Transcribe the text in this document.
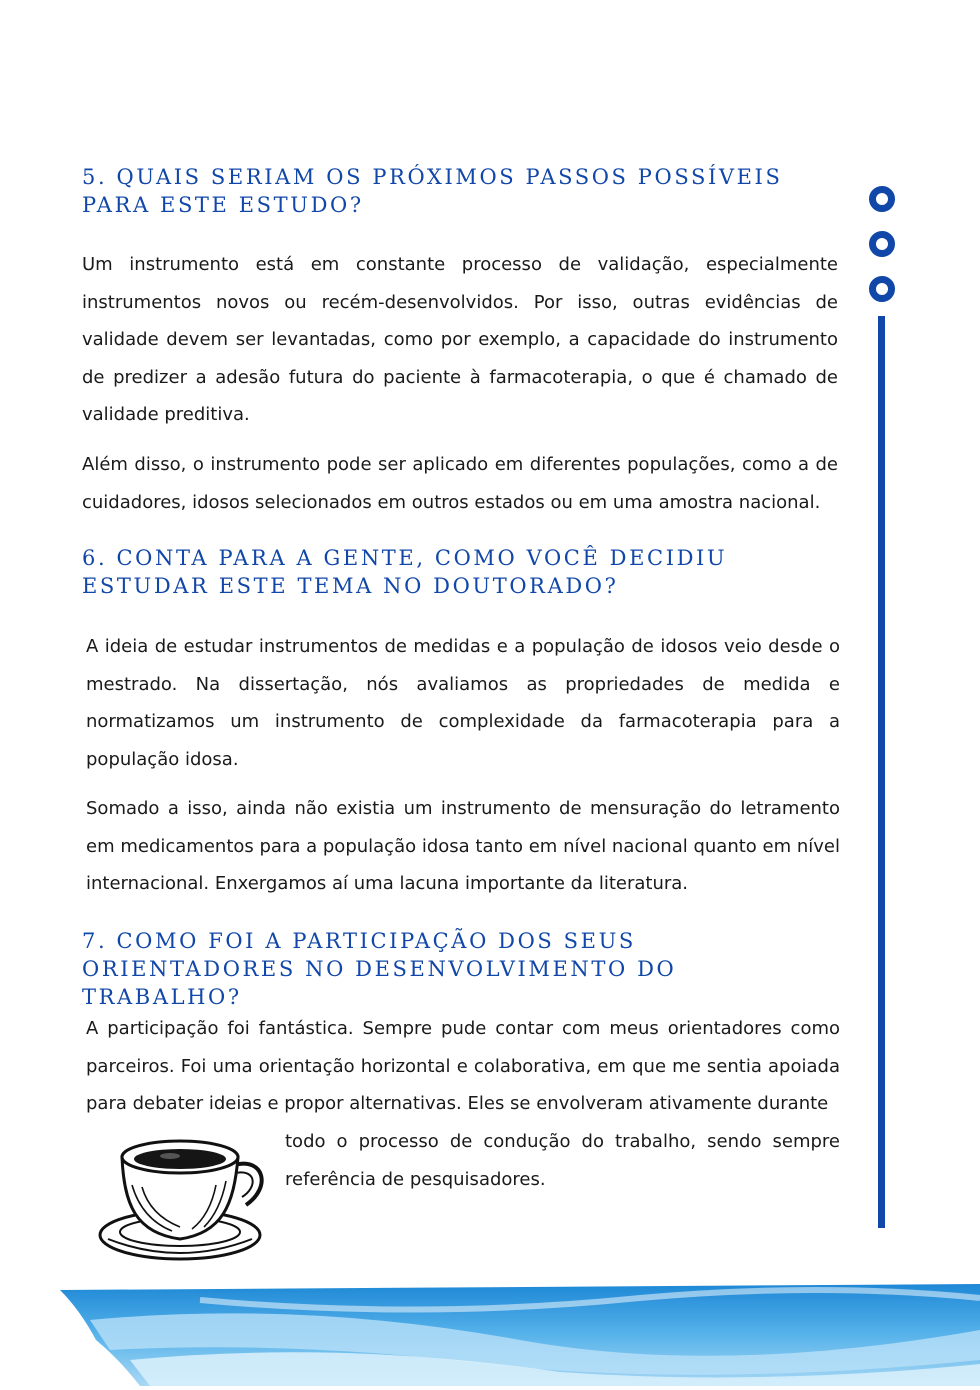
5. QUAIS SERIAM OS PRÓXIMOS PASSOS POSSÍVEIS PARA ESTE ESTUDO?

Um instrumento está em constante processo de validação, especialmente instrumentos novos ou recém-desenvolvidos. Por isso, outras evidências de validade devem ser levantadas, como por exemplo, a capacidade do instrumento de predizer a adesão futura do paciente à farmacoterapia, o que é chamado de validade preditiva.

Além disso, o instrumento pode ser aplicado em diferentes populações, como a de cuidadores, idosos selecionados em outros estados ou em uma amostra nacional.

6. CONTA PARA A GENTE, COMO VOCÊ DECIDIU ESTUDAR ESTE TEMA NO DOUTORADO?

A ideia de estudar instrumentos de medidas e a população de idosos veio desde o mestrado. Na dissertação, nós avaliamos as propriedades de medida e normatizamos um instrumento de complexidade da farmacoterapia para a população idosa.

Somado a isso, ainda não existia um instrumento de mensuração do letramento em medicamentos para a população idosa tanto em nível nacional quanto em nível internacional. Enxergamos aí uma lacuna importante da literatura.

7. COMO FOI A PARTICIPAÇÃO DOS SEUS ORIENTADORES NO DESENVOLVIMENTO DO TRABALHO?

A participação foi fantástica. Sempre pude contar com meus orientadores como parceiros. Foi uma orientação horizontal e colaborativa, em que me sentia apoiada para debater ideias e propor alternativas. Eles se envolveram ativamente durante

todo o processo de condução do trabalho, sendo sempre referência de pesquisadores.
